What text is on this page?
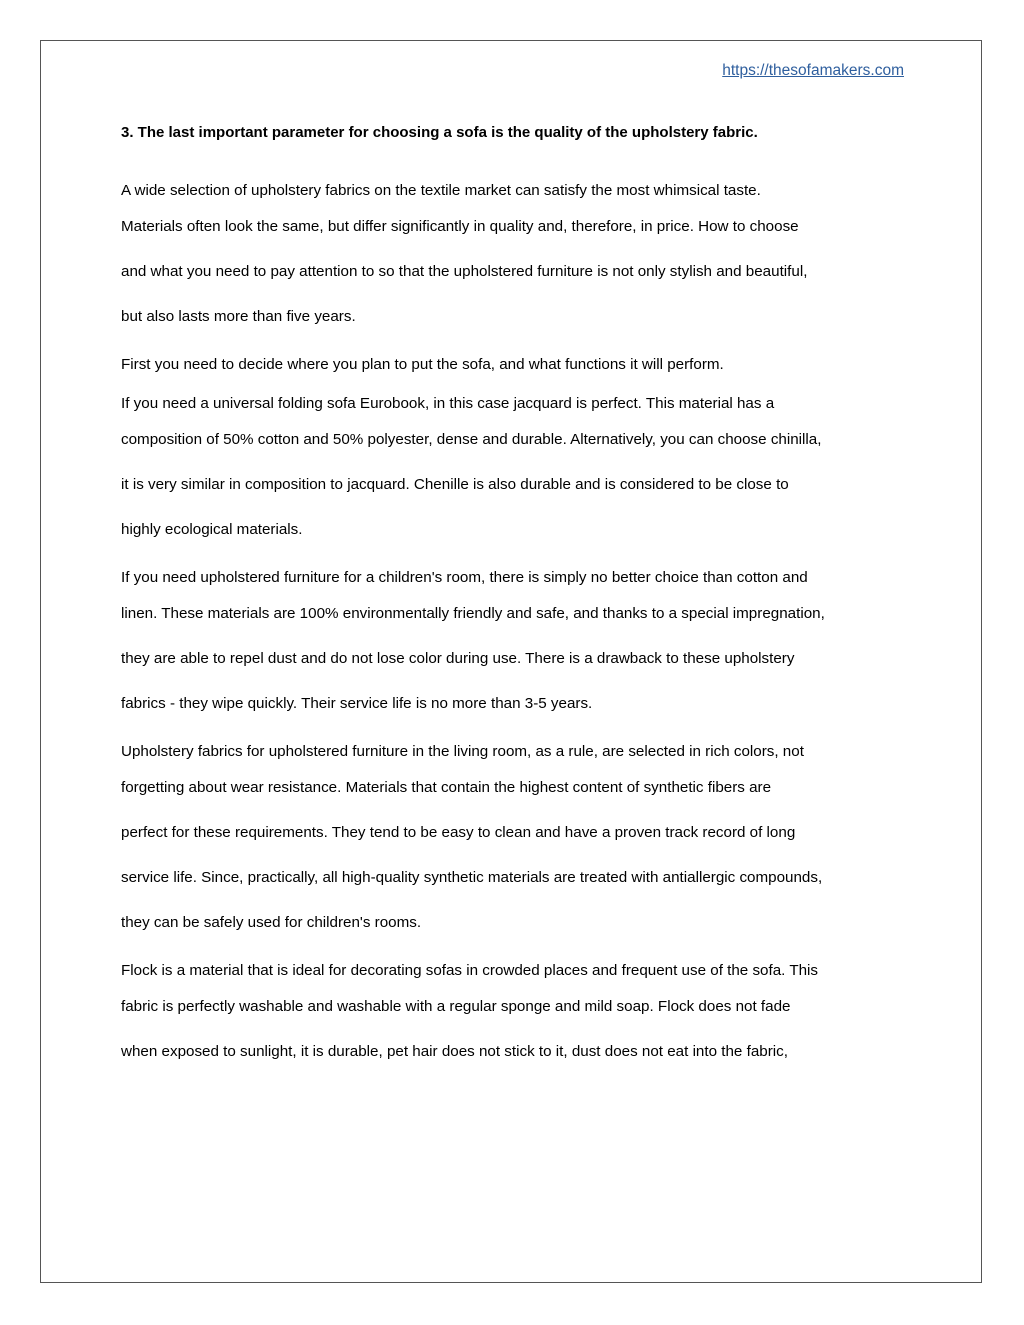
https://thesofamakers.com
3. The last important parameter for choosing a sofa is the quality of the upholstery fabric.
A wide selection of upholstery fabrics on the textile market can satisfy the most whimsical taste.
Materials often look the same, but differ significantly in quality and, therefore, in price. How to choose
and what you need to pay attention to so that the upholstered furniture is not only stylish and beautiful,
but also lasts more than five years.
First you need to decide where you plan to put the sofa, and what functions it will perform.
If you need a universal folding sofa Eurobook, in this case jacquard is perfect. This material has a
composition of 50% cotton and 50% polyester, dense and durable. Alternatively, you can choose chinilla,
it is very similar in composition to jacquard. Chenille is also durable and is considered to be close to
highly ecological materials.
If you need upholstered furniture for a children's room, there is simply no better choice than cotton and
linen. These materials are 100% environmentally friendly and safe, and thanks to a special impregnation,
they are able to repel dust and do not lose color during use. There is a drawback to these upholstery
fabrics - they wipe quickly. Their service life is no more than 3-5 years.
Upholstery fabrics for upholstered furniture in the living room, as a rule, are selected in rich colors, not
forgetting about wear resistance. Materials that contain the highest content of synthetic fibers are
perfect for these requirements. They tend to be easy to clean and have a proven track record of long
service life. Since, practically, all high-quality synthetic materials are treated with antiallergic compounds,
they can be safely used for children's rooms.
Flock is a material that is ideal for decorating sofas in crowded places and frequent use of the sofa. This
fabric is perfectly washable and washable with a regular sponge and mild soap. Flock does not fade
when exposed to sunlight, it is durable, pet hair does not stick to it, dust does not eat into the fabric,
